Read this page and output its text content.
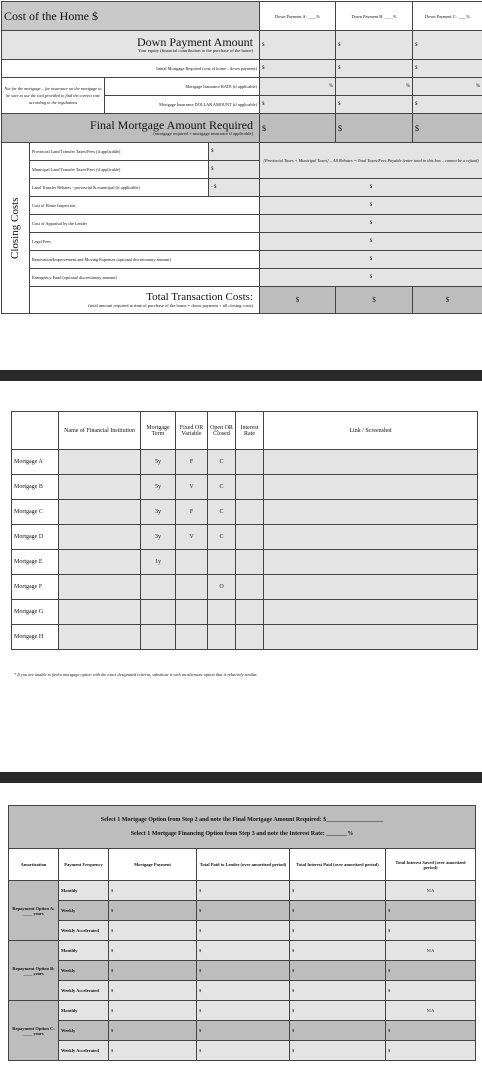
Cost of the Home $				Down Payment A: ____%	Down Payment B: ____%	Down Payment C: ____%

Down Payment Amount
Your equity (financial contribution to the purchase of the home)				$	$	$
Initial Mortgage Required (cost of home – down payment)				$	$	$
Not for the mortgage – for insurance on the mortgage to be sure to use the tool provided to find the correct rate according to the regulations		Mortgage Insurance RATE (if applicable)		%	%	%
		Mortgage Insurance DOLLAR AMOUNT (if applicable)		$	$	$

Final Mortgage Amount Required
(mortgage required + mortgage insurance if applicable)				$	$	$

Closing Costs	Provincial Land Transfer Taxes/Fees (if applicable)		$	[Provincial Taxes + Municipal Taxes] – All Rebates = Total Taxes/Fees Payable (enter total in this box – cannot be a refund)		
	Municipal Land Transfer Taxes/Fees (if applicable)		$			
	Land Transfer Rebates - provincial & municipal (if applicable)		- $	$		
	Cost of Home Inspection			$		
	Cost of Appraisal by the Lender			$		
	Legal Fees			$		
	Renovation/Improvement and Moving Expenses (optional discretionary amount)			$		
	Emergency Fund (optional discretionary amount)			$		

	Total Transaction Costs:
(total amount required at time of purchase of the home = down payment + all closing costs)			$	$	$
	Name of Financial Institution	Mortgage Term	Fixed OR Variable	Open OR Closed	Interest Rate	Link / Screenshot
Mortgage A		5y	F	C		
Mortgage B		5y	V	C		
Mortgage C		3y	F	C		
Mortgage D		3y	V	C		
Mortgage E		1y				
Mortgage F				O		
Mortgage G						
Mortgage H						
* If you are unable to find a mortgage option with the exact designated criteria, substitute it with an alternate option that is relatively similar.
Select 1 Mortgage Option from Step 2 and note the Final Mortgage Amount Required: $___________________
Select 1 Mortgage Financing Option from Step 3 and note the Interest Rate: _______%					

Amortization	Payment Frequency	Mortgage Payment	Total Paid to Lender (over amortized period)	Total Interest Paid (over amortized period)	Total Interest Saved (over amortized period)
Repayment Option A: ____ years	Monthly	$	$	$	N/A
	Weekly	$	$	$	$
	Weekly Accelerated	$	$	$	$
Repayment Option B: ____ years	Monthly	$	$	$	N/A
	Weekly	$	$	$	$
	Weekly Accelerated	$	$	$	$
Repayment Option C: ____ years	Monthly	$	$	$	N/A
	Weekly	$	$	$	$
	Weekly Accelerated	$	$	$	$
